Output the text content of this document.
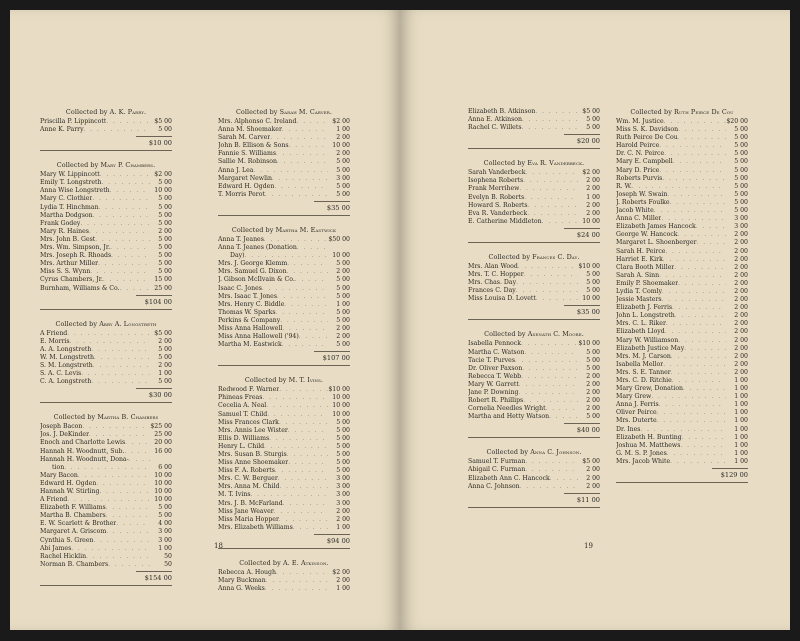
Collected by A. K. Parry.
Priscilla P. Lippincott . . .	$5 00
Anne K. Parry . . .	5 00
$10 00
Collected by Mary P. Chambers.
Mary W. Lippincott . . .	$2 00
Emily T. Longstreth . . .	5 00
Anna Wise Longstreth . . .	10 00
Mary C. Clothier . . .	5 00
Lydia T. Hinchman . . .	5 00
Martha Dodgson . . .	5 00
Frank Godey . . .	5 00
Mary R. Haines . . .	2 00
Mrs. John B. Gest . . .	5 00
Mrs. Wm. Simpson, Jr. . . .	5 00
Mrs. Joseph R. Rhoads . . .	5 00
Mrs. Arthur Miller . . .	5 00
Miss S. S. Wynn . . .	5 00
Cyrus Chambers, Jr. . . .	15 00
Burnham, Williams & Co. . . .	25 00
$104 00
Collected by Abby A. Longstreth
A Friend . . .	$5 00
E. Morris . . .	2 00
A. A. Longstreth . . .	5 00
W. M. Longstreth . . .	5 00
S. M. Longstreth . . .	2 00
S. A. C. Levis . . .	1 00
C. A. Longstreth . . .	5 00
$30 00
Collected by Martha B. Chambers
Joseph Bacon . . .	$25 00
Jos. J. DeKinder . . .	25 00
Enoch and Charlotte Lewis . . .	20 00
Hannah H. Woodnutt, Sub. . . .	16 00
Hannah H. Woodnutt, Dona-
. . .
tion . . .	6 00
Mary Bacon . . .	10 00
Edward H. Ogden . . .	10 00
Hannah W. Stirling . . .	10 00
A Friend . . .	10 00
Elizabeth F. Williams . . .	5 00
Martha B. Chambers . . .	5 00
E. W. Scarlett & Brother . . .	4 00
Margaret A. Griscom . . .	3 00
Cynthia S. Green . . .	3 00
Abi James . . .	1 00
Rachel Hicklin . . .	50
Norman B. Chambers . . .	50
$154 00
Collected by Sarah M. Carver.
Mrs. Alphonso C. Ireland . . .	$2 00
Anna M. Shoemaker . . .	1 00
Sarah M. Carver . . .	2 00
John B. Ellison & Sons . . .	10 00
Fannie S. Williams . . .	2 00
Sallie M. Robinson . . .	5 00
Anna J. Lea . . .	5 00
Margaret Newlin . . .	3 00
Edward H. Ogden . . .	5 00
T. Morris Perot . . .	5 00
$35 00
Collected by Martha M. Eastwick
Anna T. Jeanes . . .	$50 00
Anna T. Jeanes (Donation
. . .
Day) . . .	10 00
Mrs. J. George Klemm . . .	5 00
Mrs. Samuel G. Dixon . . .	2 00
J. Gibson McIlvain & Co. . . .	5 00
Isaac C. Jones . . .	5 00
Mrs. Isaac T. Jones . . .	5 00
Mrs. Henry C. Biddle . . .	1 00
Thomas W. Sparks . . .	5 00
Perkins & Company . . .	5 00
Miss Anna Hallowell . . .	2 00
Miss Anna Hallowell ('94) . . .	2 00
Martha M. Eastwick . . .	5 00
$107 00
Collected by M. T. Ivins.
Redwood F. Warner . . .	$10 00
Phineas Freas . . .	10 00
Cecelia A. Neal . . .	10 00
Samuel T. Child . . .	10 00
Miss Frances Clark . . .	5 00
Mrs. Annis Lee Wister . . .	5 00
Ellis D. Williams . . .	5 00
Henry L. Child . . .	5 00
Mrs. Susan B. Sturgis . . .	5 00
Miss Anne Shoemaker . . .	5 00
Miss F. A. Roberts . . .	5 00
Mrs. C. W. Berguer . . .	3 00
Mrs. Anna M. Child . . .	3 00
M. T. Ivins . . .	3 00
Mrs. J. B. McFarland . . .	3 00
Miss Jane Weaver . . .	2 00
Miss Maria Hopper . . .	2 00
Mrs. Elizabeth Williams . . .	1 00
$94 00
Collected by A. E. Atkinson.
Rebecca A. Hough . . .	$2 00
Mary Buckman . . .	2 00
Anna G. Weeks . . .	1 00
18
Elizabeth B. Atkinson . . .	$5 00
Anna E. Atkinson . . .	5 00
Rachel C. Willets . . .	5 00
$20 00
Collected by Eva R. Vanderbeck.
Sarah Vanderbeck . . .	$2 00
Isophena Roberts . . .	2 00
Frank Merrihew . . .	2 00
Evelyn B. Roberts . . .	1 00
Howard S. Roberts . . .	2 00
Eva R. Vanderbeck . . .	2 00
E. Catherine Middleton . . .	10 00
$24 00
Collected by Frances C. Day.
Mrs. Alan Wood . . .	$10 00
Mrs. T. C. Hopper . . .	5 00
Mrs. Chas. Day . . .	5 00
Frances C. Day . . .	5 00
Miss Louisa D. Lovett . . .	10 00
$35 00
Collected by Asenath C. Moore.
Isabella Pennock . . .	$10 00
Martha C. Watson . . .	5 00
Tacie T. Purves . . .	5 00
Dr. Oliver Paxson . . .	5 00
Rebecca T. Webb . . .	2 00
Mary W. Garrett . . .	2 00
Jane P. Downing . . .	2 00
Robert R. Phillips . . .	2 00
Cornelia Needles Wright . . .	2 00
Martha and Hetty Watson . . .	5 00
$40 00
Collected by Anna C. Johnson.
Samuel T. Furman . . .	$5 00
Abigail C. Furman . . .	2 00
Elizabeth Ann C. Hancock . . .	2 00
Anna C. Johnson . . .	2 00
$11 00
Collected by Ruth Peirce De Cou
Wm. M. Justice . . .	$20 00
Miss S. K. Davidson . . .	5 00
Ruth Peirce De Cou . . .	5 00
Harold Peirce . . .	5 00
Dr. C. N. Peirce . . .	5 00
Mary E. Campbell . . .	5 00
Mary D. Price . . .	5 00
Roberts Purvis . . .	5 00
R. W. . . .	5 00
Joseph W. Swain . . .	5 00
J. Roberts Foulke . . .	5 00
Jacob White . . .	5 00
Anna C. Miller . . .	3 00
Elizabeth James Hancock . . .	3 00
George W. Hancock . . .	2 00
Margaret L. Shoenberger . . .	2 00
Sarah H. Peirce . . .	2 00
Harriet E. Kirk . . .	2 00
Clara Booth Miller . . .	2 00
Sarah A. Sinn . . .	2 00
Emily P. Shoemaker . . .	2 00
Lydia T. Comly . . .	2 00
Jessie Masters . . .	2 00
Elizabeth J. Ferris . . .	2 00
John L. Longstreth . . .	2 00
Mrs. C. L. Riker . . .	2 00
Elizabeth Lloyd . . .	2 00
Mary W. Williamson . . .	2 00
Elizabeth Justice May . . .	2 00
Mrs. M. J. Carson . . .	2 00
Isabella Mellor . . .	2 00
Mrs. S. E. Tanner . . .	2 00
Mrs. C. D. Ritchie . . .	1 00
Mary Grew, Donation . . .	1 00
Mary Grew . . .	1 00
Anna J. Ferris . . .	1 00
Oliver Peirce . . .	1 00
Mrs. Duterte . . .	1 00
Dr. Ines . . .	1 00
Elizabeth H. Bunting . . .	1 00
Joshua M. Matthews . . .	1 00
G. M. S. P. Jones . . .	1 00
Mrs. Jacob White . . .	1 00
$129 00
19
